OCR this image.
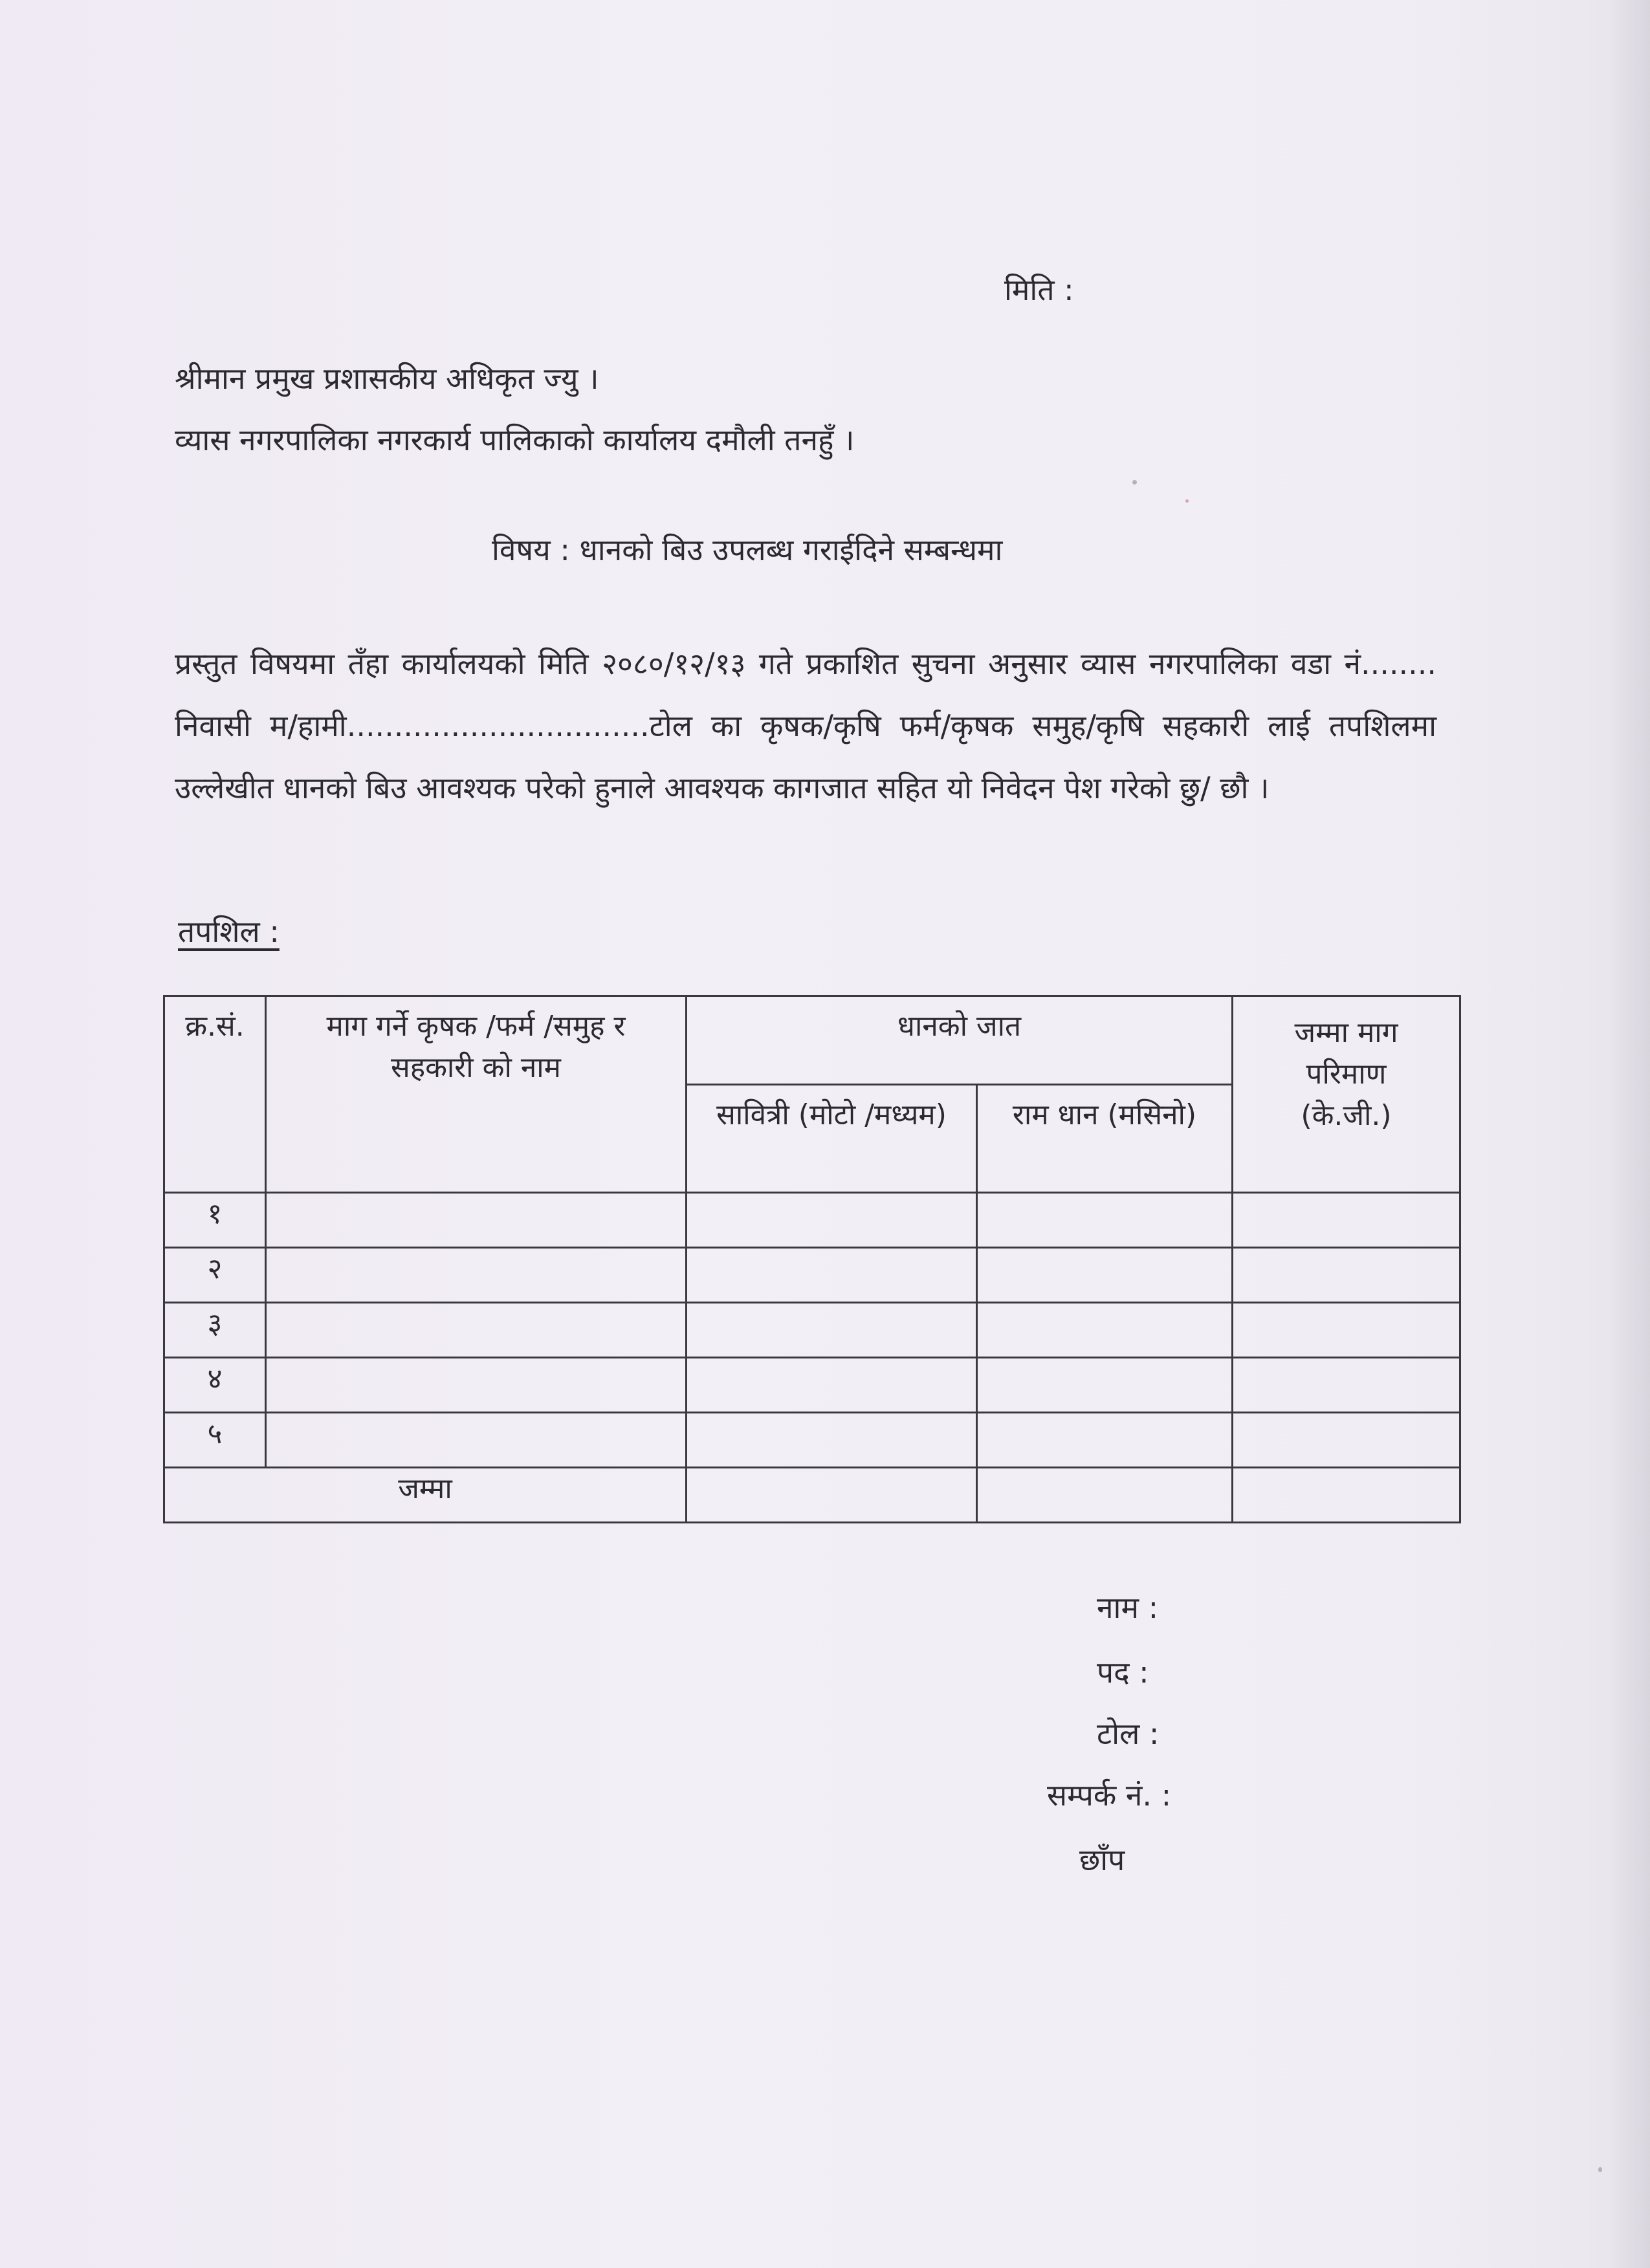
मिति :
श्रीमान प्रमुख प्रशासकीय अधिकृत ज्यु ।
व्यास नगरपालिका नगरकार्य पालिकाको कार्यालय दमौली तनहुँ ।
विषय : धानको बिउ उपलब्ध गराईदिने सम्बन्धमा
प्रस्तुत विषयमा तँहा कार्यालयको मिति २०८०/१२/१३ गते प्रकाशित सुचना अनुसार व्यास नगरपालिका वडा नं........ निवासी म/हामी................................टोल का कृषक/कृषि फर्म/कृषक समुह/कृषि सहकारी लाई तपशिलमा उल्लेखीत धानको बिउ आवश्यक परेको हुनाले आवश्यक कागजात सहित यो निवेदन पेश गरेको छु/ छौ ।
तपशिल :
क्र.सं.	माग गर्ने कृषक /फर्म /समुह र सहकारी को नाम	धानको जात		जम्मा माग परिमाण (के.जी.)

		सावित्री (मोटो /मध्यम)	राम धान (मसिनो)	
१				
२				
३				
४				
५				
जम्मा				
नाम :
पद :
टोल :
सम्पर्क नं. :
छाँप
